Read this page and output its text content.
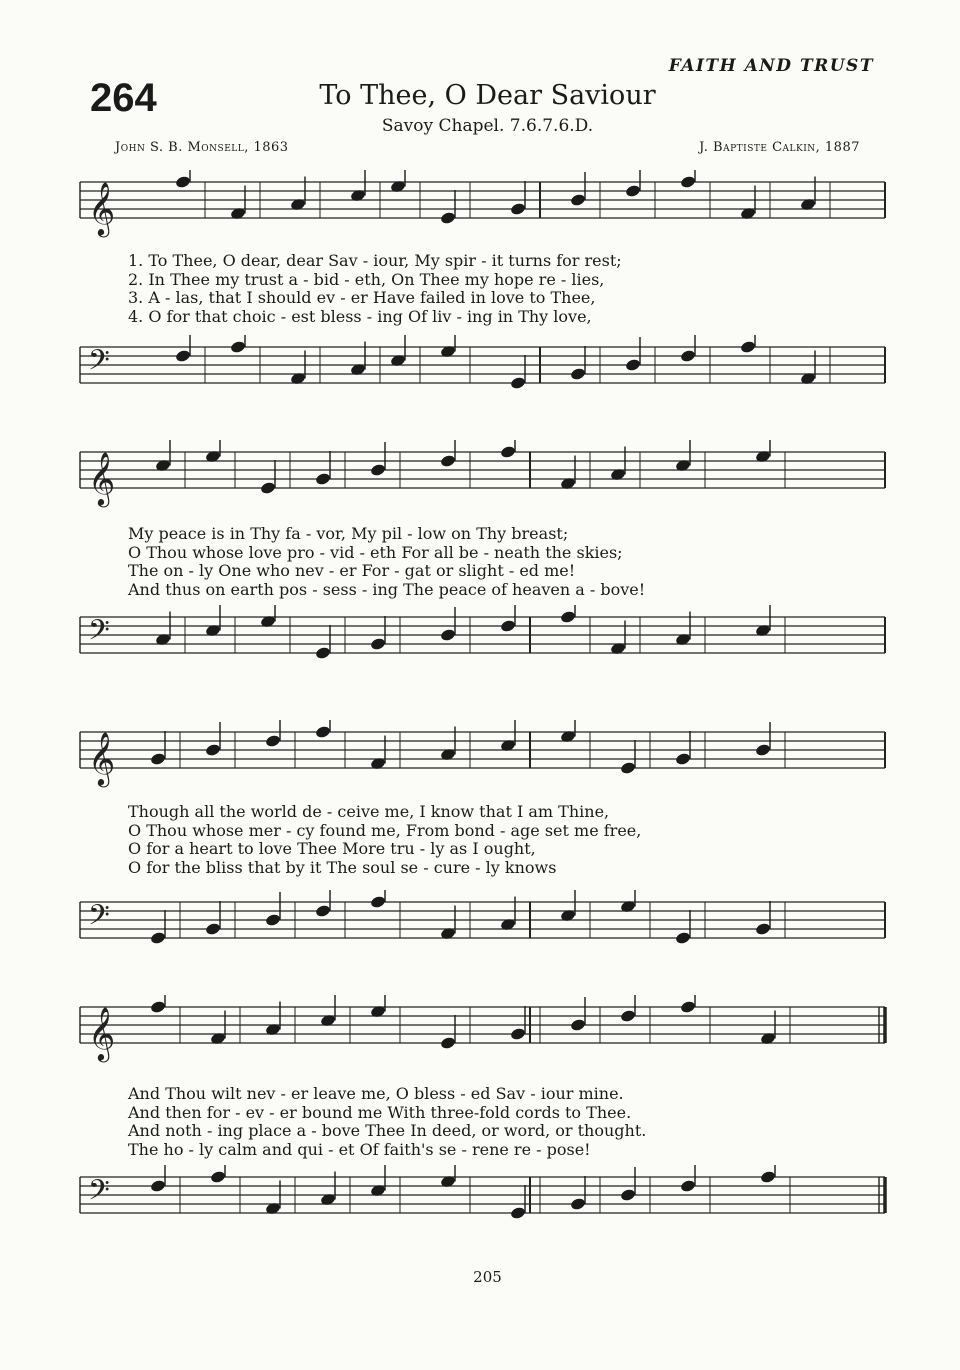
FAITH AND TRUST
264	To Thee, O Dear Saviour
Savoy Chapel. 7.6.7.6.D.
John S. B. Monsell, 1863	J. Baptiste Calkin, 1887
𝄞
1. To Thee, O dear, dear Sav - iour, My spir - it turns for rest;
2. In Thee my trust a - bid - eth, On Thee my hope re - lies,
3. A - las, that I should ev - er Have failed in love to Thee,
4. O for that choic - est bless - ing Of liv - ing in Thy love,
𝄢
𝄞
My peace is in Thy fa - vor, My pil - low on Thy breast;
O Thou whose love pro - vid - eth For all be - neath the skies;
The on - ly One who nev - er For - gat or slight - ed me!
And thus on earth pos - sess - ing The peace of heaven a - bove!
𝄢
𝄞
Though all the world de - ceive me, I know that I am Thine,
O Thou whose mer - cy found me, From bond - age set me free,
O for a heart to love Thee More tru - ly as I ought,
O for the bliss that by it The soul se - cure - ly knows
𝄢
𝄞
And Thou wilt nev - er leave me, O bless - ed Sav - iour mine.
And then for - ev - er bound me With three-fold cords to Thee.
And noth - ing place a - bove Thee In deed, or word, or thought.
The ho - ly calm and qui - et Of faith's se - rene re - pose!
𝄢
205
